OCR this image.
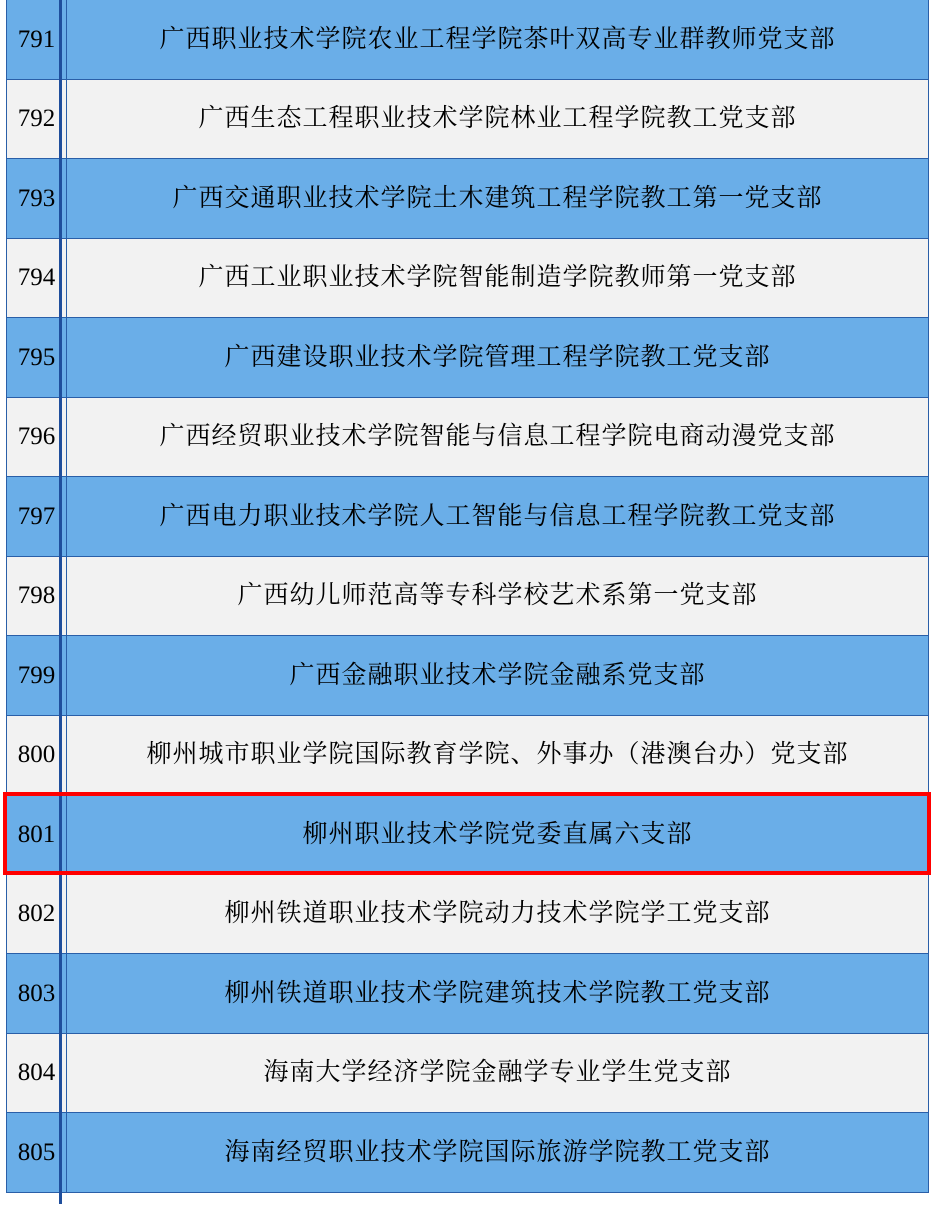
791	广西职业技术学院农业工程学院茶叶双高专业群教师党支部
792	广西生态工程职业技术学院林业工程学院教工党支部
793	广西交通职业技术学院土木建筑工程学院教工第一党支部
794	广西工业职业技术学院智能制造学院教师第一党支部
795	广西建设职业技术学院管理工程学院教工党支部
796	广西经贸职业技术学院智能与信息工程学院电商动漫党支部
797	广西电力职业技术学院人工智能与信息工程学院教工党支部
798	广西幼儿师范高等专科学校艺术系第一党支部
799	广西金融职业技术学院金融系党支部
800	柳州城市职业学院国际教育学院、外事办（港澳台办）党支部
801	柳州职业技术学院党委直属六支部
802	柳州铁道职业技术学院动力技术学院学工党支部
803	柳州铁道职业技术学院建筑技术学院教工党支部
804	海南大学经济学院金融学专业学生党支部
805	海南经贸职业技术学院国际旅游学院教工党支部
